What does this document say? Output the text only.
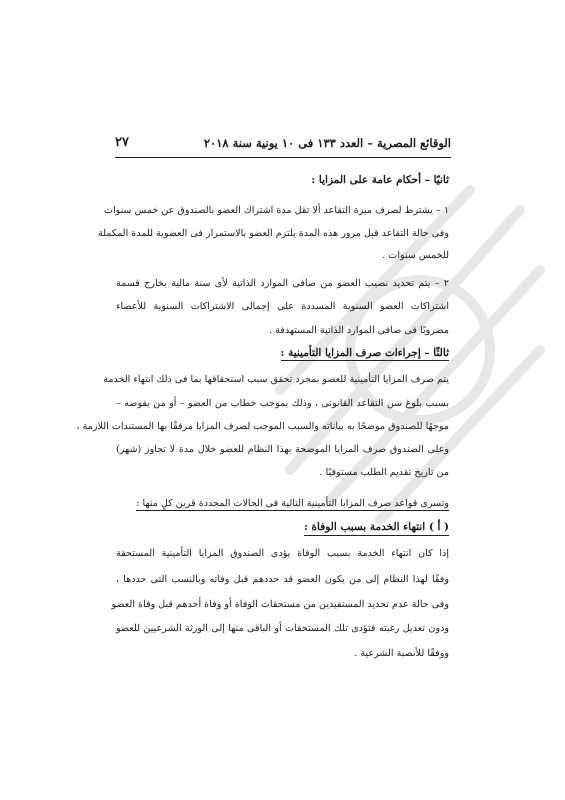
الوقائع المصرية – العدد ١٣٣ فى ١٠ يونية سنة ٢٠١٨
٢٧
ثانيًا – أحكام عامة على المزايا :
١ – يشترط لصرف ميزة التقاعد ألا تقل مدة اشتراك العضو بالصندوق عن خمس سنوات
وفى حالة التقاعد قبل مرور هذه المدة يلتزم العضو بالاستمرار فى العضوية للمدة المكملة
للخمس سنوات .
٢ – يتم تحديد نصيب العضو من صافى الموارد الذاتية لأى سنة مالية بخارج قسمة
اشتراكات العضو السنوية المسددة على إجمالى الاشتراكات السنوية للأعضاء
مضروبًا فى صافى الموارد الذاتية المستهدفة .
ثالثًا – إجراءات صرف المزايا التأمينية :
يتم صرف المزايا التأمينية للعضو بمجرد تحقق سبب استحقاقها بما فى ذلك انتهاء الخدمة
بسبب بلوغ سن التقاعد القانونى ، وذلك بموجب خطاب من العضو – أو من يفوضه –
موجهًا للصندوق موضحًا به بياناته والسبب الموجب لصرف المزايا مرفقًا بها المستندات اللازمة ،
وعلى الصندوق صرف المزايا الموضحة بهذا النظام للعضو خلال مدة لا تجاوز (شهر)
من تاريخ تقديم الطلب مستوفيًا .
وتسرى قواعد صرف المزايا التأمينية التالية فى الحالات المحددة قرين كلٍ منها :
( أ ) انتهاء الخدمة بسبب الوفاة :
إذا كان انتهاء الخدمة بسبب الوفاة يؤدى الصندوق المزايا التأمينية المستحقة
وفقًا لهذا النظام إلى من يكون العضو قد حددهم قبل وفاته وبالنسب التى حددها ،
وفى حالة عدم تحديد المستفيدين من مستحقات الوفاة أو وفاة أحدهم قبل وفاة العضو
ودون تعديل رغبته فتؤدى تلك المستحقات أو الباقى منها إلى الورثة الشرعيين للعضو
ووفقًا للأنصبة الشرعية .
